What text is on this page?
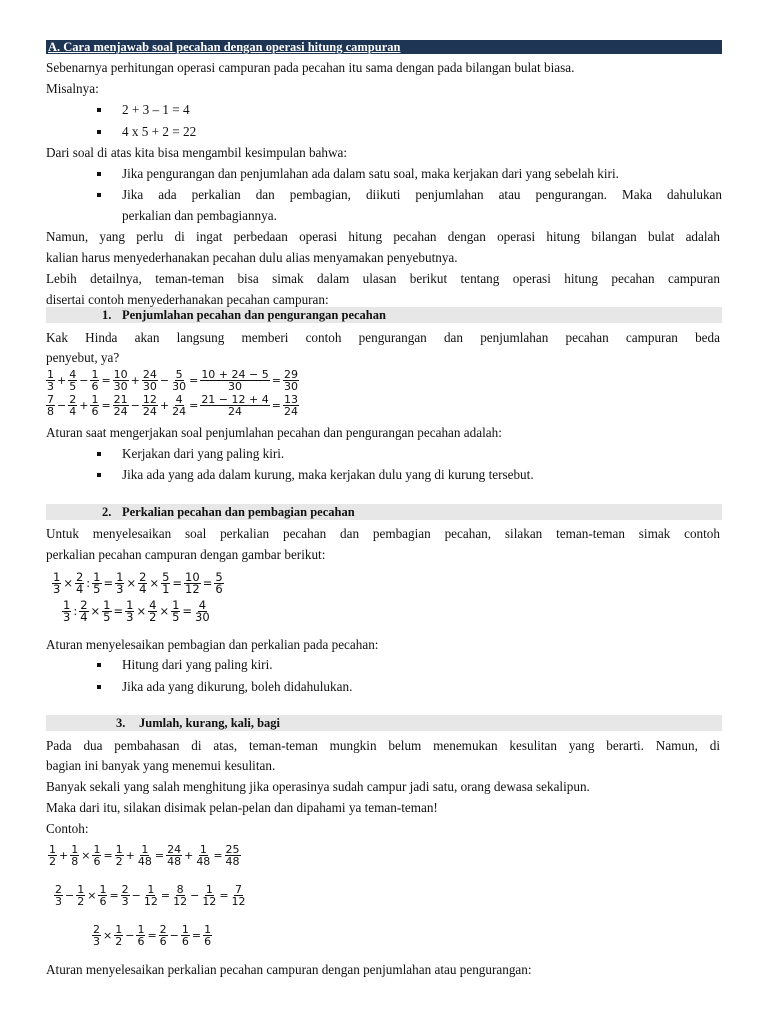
A. Cara menjawab soal pecahan dengan operasi hitung campuran
Sebenarnya perhitungan operasi campuran pada pecahan itu sama dengan pada bilangan bulat biasa.
Misalnya:
2 + 3 – 1 = 4
4 x 5 + 2 = 22
Dari soal di atas kita bisa mengambil kesimpulan bahwa:
Jika pengurangan dan penjumlahan ada dalam satu soal, maka kerjakan dari yang sebelah kiri.
Jika ada perkalian dan pembagian, diikuti penjumlahan atau pengurangan. Maka dahulukan
perkalian dan pembagiannya.
Namun, yang perlu di ingat perbedaan operasi hitung pecahan dengan operasi hitung bilangan bulat adalah
kalian harus menyederhanakan pecahan dulu alias menyamakan penyebutnya.
Lebih detailnya, teman-teman bisa simak dalam ulasan berikut tentang operasi hitung pecahan campuran
disertai contoh menyederhanakan pecahan campuran:
1. Penjumlahan pecahan dan pengurangan pecahan
Kak Hinda akan langsung memberi contoh pengurangan dan penjumlahan pecahan campuran beda
penyebut, ya?
$\frac{1}{3} + \frac{4}{5} - \frac{1}{6} = \frac{10}{30} + \frac{24}{30} - \frac{5}{30} = \frac{10 + 24 - 5}{30} = \frac{29}{30}$
$\frac{7}{8} - \frac{2}{4} + \frac{1}{6} = \frac{21}{24} - \frac{12}{24} + \frac{4}{24} = \frac{21 - 12 + 4}{24} = \frac{13}{24}$
Aturan saat mengerjakan soal penjumlahan pecahan dan pengurangan pecahan adalah:
Kerjakan dari yang paling kiri.
Jika ada yang ada dalam kurung, maka kerjakan dulu yang di kurung tersebut.
2. Perkalian pecahan dan pembagian pecahan
Untuk menyelesaikan soal perkalian pecahan dan pembagian pecahan, silakan teman-teman simak contoh
perkalian pecahan campuran dengan gambar berikut:
$\frac{1}{3} \times \frac{2}{4}$ : $\frac{1}{5} = \frac{1}{3} \times \frac{2}{4} \times \frac{5}{1} = \frac{10}{12} = \frac{5}{6}$
$\frac{1}{3}$ : $\frac{2}{4} \times \frac{1}{5} = \frac{1}{3} \times \frac{4}{2} \times \frac{1}{5} = \frac{4}{30}$
Aturan menyelesaikan pembagian dan perkalian pada pecahan:
Hitung dari yang paling kiri.
Jika ada yang dikurung, boleh didahulukan.
3. Jumlah, kurang, kali, bagi
Pada dua pembahasan di atas, teman-teman mungkin belum menemukan kesulitan yang berarti. Namun, di
bagian ini banyak yang menemui kesulitan.
Banyak sekali yang salah menghitung jika operasinya sudah campur jadi satu, orang dewasa sekalipun.
Maka dari itu, silakan disimak pelan-pelan dan dipahami ya teman-teman!
Contoh:
$\frac{1}{2} + \frac{1}{8} \times \frac{1}{6} = \frac{1}{2} + \frac{1}{48} = \frac{24}{48} + \frac{1}{48} = \frac{25}{48}$
$\frac{2}{3} - \frac{1}{2} \times \frac{1}{6} = \frac{2}{3} - \frac{1}{12} = \frac{8}{12} - \frac{1}{12} = \frac{7}{12}$
$\frac{2}{3} \times \frac{1}{2} - \frac{1}{6} = \frac{2}{6} - \frac{1}{6} = \frac{1}{6}$
Aturan menyelesaikan perkalian pecahan campuran dengan penjumlahan atau pengurangan:
